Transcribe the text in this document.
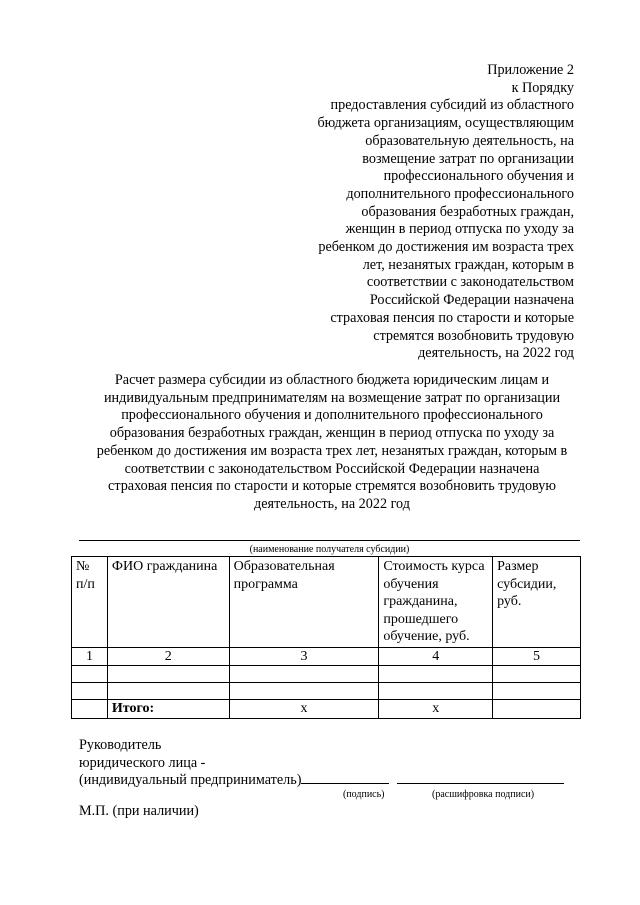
Приложение 2
к Порядку
предоставления субсидий из областного
бюджета организациям, осуществляющим
образовательную деятельность, на
возмещение затрат по организации
профессионального обучения и
дополнительного профессионального
образования безработных граждан,
женщин в период отпуска по уходу за
ребенком до достижения им возраста трех
лет, незанятых граждан, которым в
соответствии с законодательством
Российской Федерации назначена
страховая пенсия по старости и которые
стремятся возобновить трудовую
деятельность, на 2022 год
Расчет размера субсидии из областного бюджета юридическим лицам и
индивидуальным предпринимателям на возмещение затрат по организации
профессионального обучения и дополнительного профессионального
образования безработных граждан, женщин в период отпуска по уходу за
ребенком до достижения им возраста трех лет, незанятых граждан, которым в
соответствии с законодательством Российской Федерации назначена
страховая пенсия по старости и которые стремятся возобновить трудовую
деятельность, на 2022 год
(наименование получателя субсидии)
№ п/п	ФИО гражданина	Образовательная программа	Стоимость курса обучения гражданина, прошедшего обучение, руб.	Размер субсидии, руб.
1	2	3	4	5

	Итого:	х	х	
Руководитель
юридического лица -
(индивидуальный предприниматель)
(подпись)	(расшифровка подписи)
М.П. (при наличии)
